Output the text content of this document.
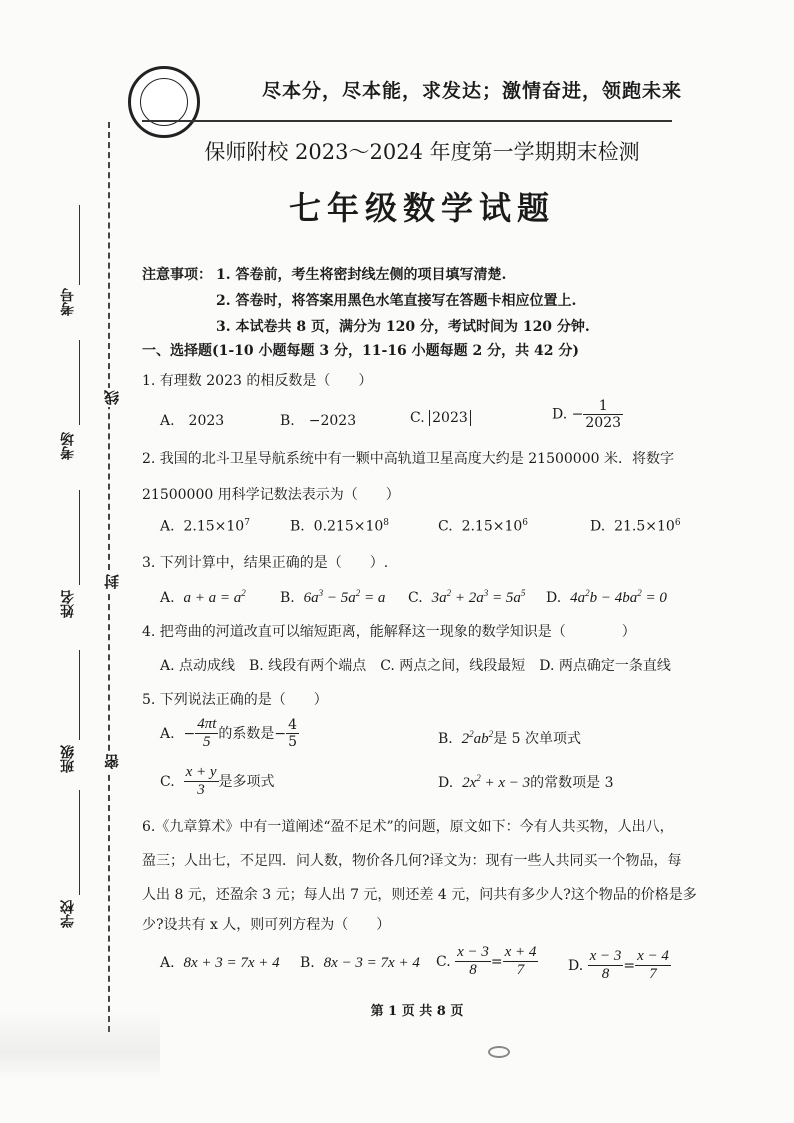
尽本分，尽本能，求发达；激情奋进，领跑未来
保师附校 2023～2024 年度第一学期期末检测
七年级数学试题
线
封
密
考号
考场
姓名
班级
学校
注意事项： 1. 答卷前，考生将密封线左侧的项目填写清楚.
2. 答卷时，将答案用黑色水笔直接写在答题卡相应位置上.
3. 本试卷共 8 页，满分为 120 分，考试时间为 120 分钟.
一、选择题(1-10 小题每题 3 分，11-16 小题每题 2 分，共 42 分)
1. 有理数 2023 的相反数是（　　）
A.　2023	B.　−2023	C. 2023	D. − $\frac{1}{2023}$
2. 我国的北斗卫星导航系统中有一颗中高轨道卫星高度大约是 21500000 米．将数字
21500000 用科学记数法表示为（　　）
A. $2.15\times 10^7$	B. $0.215\times 10^8$	C. $2.15\times 10^6$	D. $21.5\times 10^6$
3. 下列计算中，结果正确的是（　　）.
A. $a + a = a^2$ B. $6a^3 - 5a^2 = a$ C. $3a^2 + 2a^3 = 5a^5$ D. $4a^2b - 4ba^2 = 0$
4. 把弯曲的河道改直可以缩短距离，能解释这一现象的数学知识是（　　　　）
A. 点动成线　B. 线段有两个端点　C. 两点之间，线段最短　D. 两点确定一条直线
5. 下列说法正确的是（　　）
A.  − $\frac{4\pi t}{5}$ 的系数是− $\frac{4}{5}$	B. $2^2ab^2$是 5 次单项式
C. $\frac{x + y}{3}$ 是多项式	D. $2x^2 + x - 3$的常数项是 3
6.《九章算术》中有一道阐述“盈不足术”的问题，原文如下：今有人共买物，人出八，
盈三；人出七，不足四．问人数，物价各几何?译文为：现有一些人共同买一个物品，每
人出 8 元，还盈余 3 元；每人出 7 元，则还差 4 元，问共有多少人?这个物品的价格是多
少?设共有 x 人，则可列方程为（　　）
A. 8x + 3 = 7x + 4 B. 8x − 3 = 7x + 4 C. $\frac{x - 3}{8} = \frac{x + 4}{7} D$. $\frac{x - 3}{8} = \frac{x - 4}{7}$
第 1 页 共 8 页
